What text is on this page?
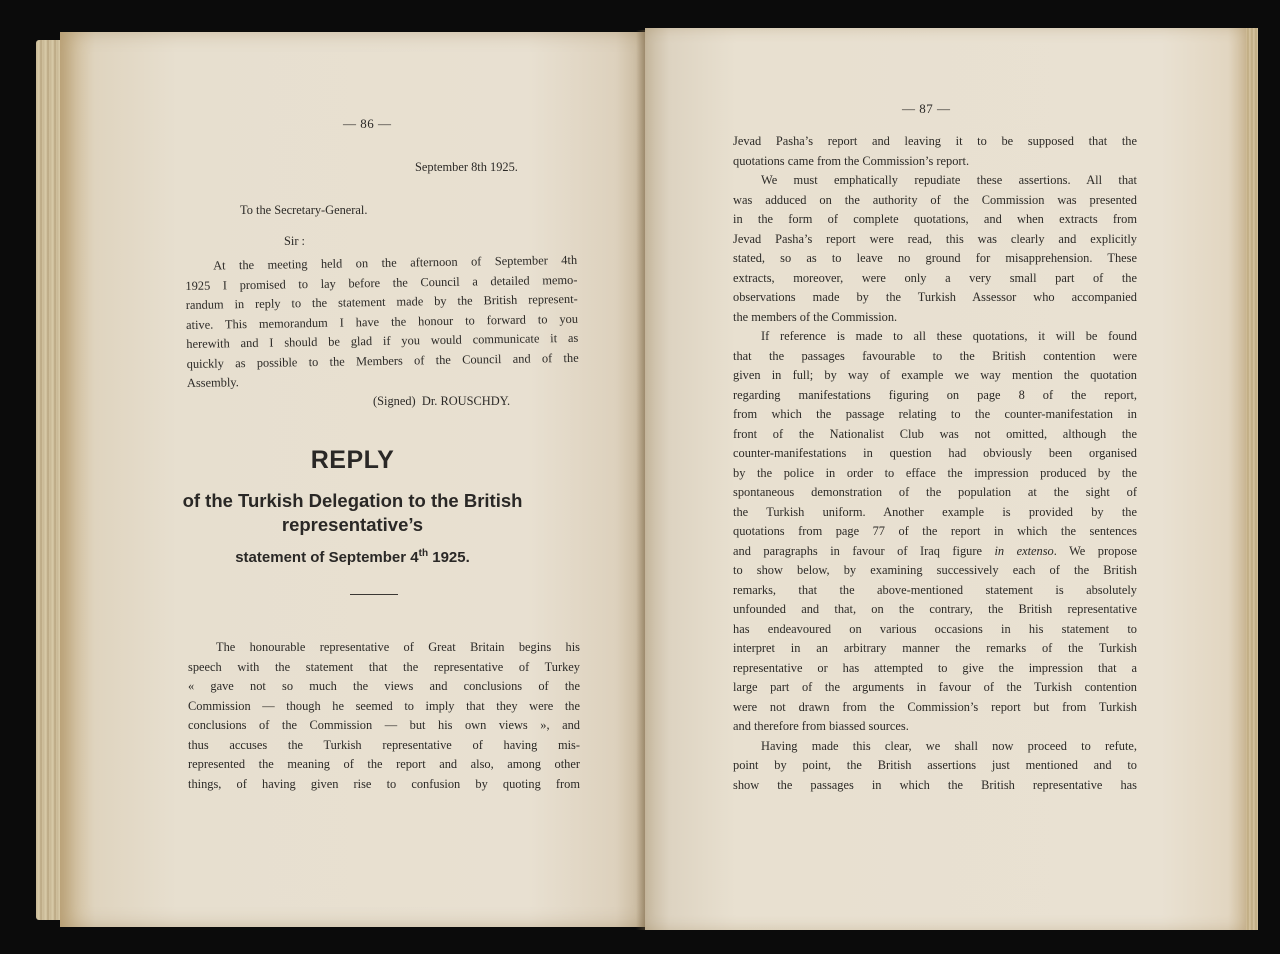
— 86 —
September 8th 1925.
To the Secretary-General.
Sir :
At the meeting held on the afternoon of September 4th
1925 I promised to lay before the Council a detailed memo-
randum in reply to the statement made by the British represent-
ative. This memorandum I have the honour to forward to you
herewith and I should be glad if you would communicate it as
quickly as possible to the Members of the Council and of the
Assembly.
(Signed) Dr. ROUSCHDY.
REPLY
of the Turkish Delegation to the British
representative’s
statement of September 4th 1925.
The honourable representative of Great Britain begins his
speech with the statement that the representative of Turkey
« gave not so much the views and conclusions of the
Commission — though he seemed to imply that they were the
conclusions of the Commission — but his own views », and
thus accuses the Turkish representative of having mis-
represented the meaning of the report and also, among other
things, of having given rise to confusion by quoting from
— 87 —
Jevad Pasha’s report and leaving it to be supposed that the
quotations came from the Commission’s report.
We must emphatically repudiate these assertions. All that
was adduced on the authority of the Commission was presented
in the form of complete quotations, and when extracts from
Jevad Pasha’s report were read, this was clearly and explicitly
stated, so as to leave no ground for misapprehension. These
extracts, moreover, were only a very small part of the
observations made by the Turkish Assessor who accompanied
the members of the Commission.
If reference is made to all these quotations, it will be found
that the passages favourable to the British contention were
given in full; by way of example we way mention the quotation
regarding manifestations figuring on page 8 of the report,
from which the passage relating to the counter-manifestation in
front of the Nationalist Club was not omitted, although the
counter-manifestations in question had obviously been organised
by the police in order to efface the impression produced by the
spontaneous demonstration of the population at the sight of
the Turkish uniform. Another example is provided by the
quotations from page 77 of the report in which the sentences
and paragraphs in favour of Iraq figure in extenso. We propose
to show below, by examining successively each of the British
remarks, that the above-mentioned statement is absolutely
unfounded and that, on the contrary, the British representative
has endeavoured on various occasions in his statement to
interpret in an arbitrary manner the remarks of the Turkish
representative or has attempted to give the impression that a
large part of the arguments in favour of the Turkish contention
were not drawn from the Commission’s report but from Turkish
and therefore from biassed sources.
Having made this clear, we shall now proceed to refute,
point by point, the British assertions just mentioned and to
show the passages in which the British representative has
